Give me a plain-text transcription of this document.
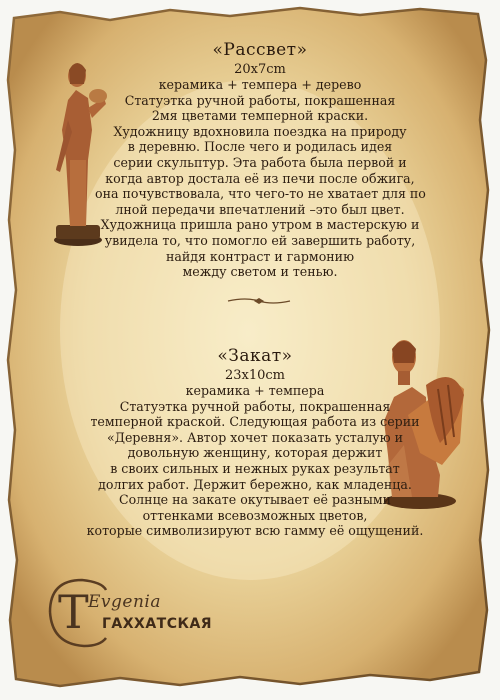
«Рассвет»

20x7cm

керамика + темпера + дерево

Статуэтка ручной работы, покрашенная

2мя цветами темперной краски.

Художницу вдохновила поездка на природу

в деревню. После чего и родилась идея

серии скульптур. Эта работа была первой и

когда автор достала её из печи после обжига,

она почувствовала, что чего-то не хватает для по

лной передачи впечатлений –это был цвет.

Художница пришла рано утром в мастерскую и

увидела то, что помогло ей завершить работу,

найдя контраст и гармонию

между светом и тенью.

«Закат»

23x10cm

керамика + темпера

Статуэтка ручной работы, покрашенная

темперной краской. Следующая работа из серии

«Деревня». Автор хочет показать усталую и

довольную женщину, которая держит

в своих сильных и нежных руках результат

долгих работ. Держит бережно, как младенца.

Солнце на закате окутывает её разными

оттенками всевозможных цветов,

которые символизируют всю гамму её ощущений.

Т Evgenia
ГАХХАТСКАЯ
